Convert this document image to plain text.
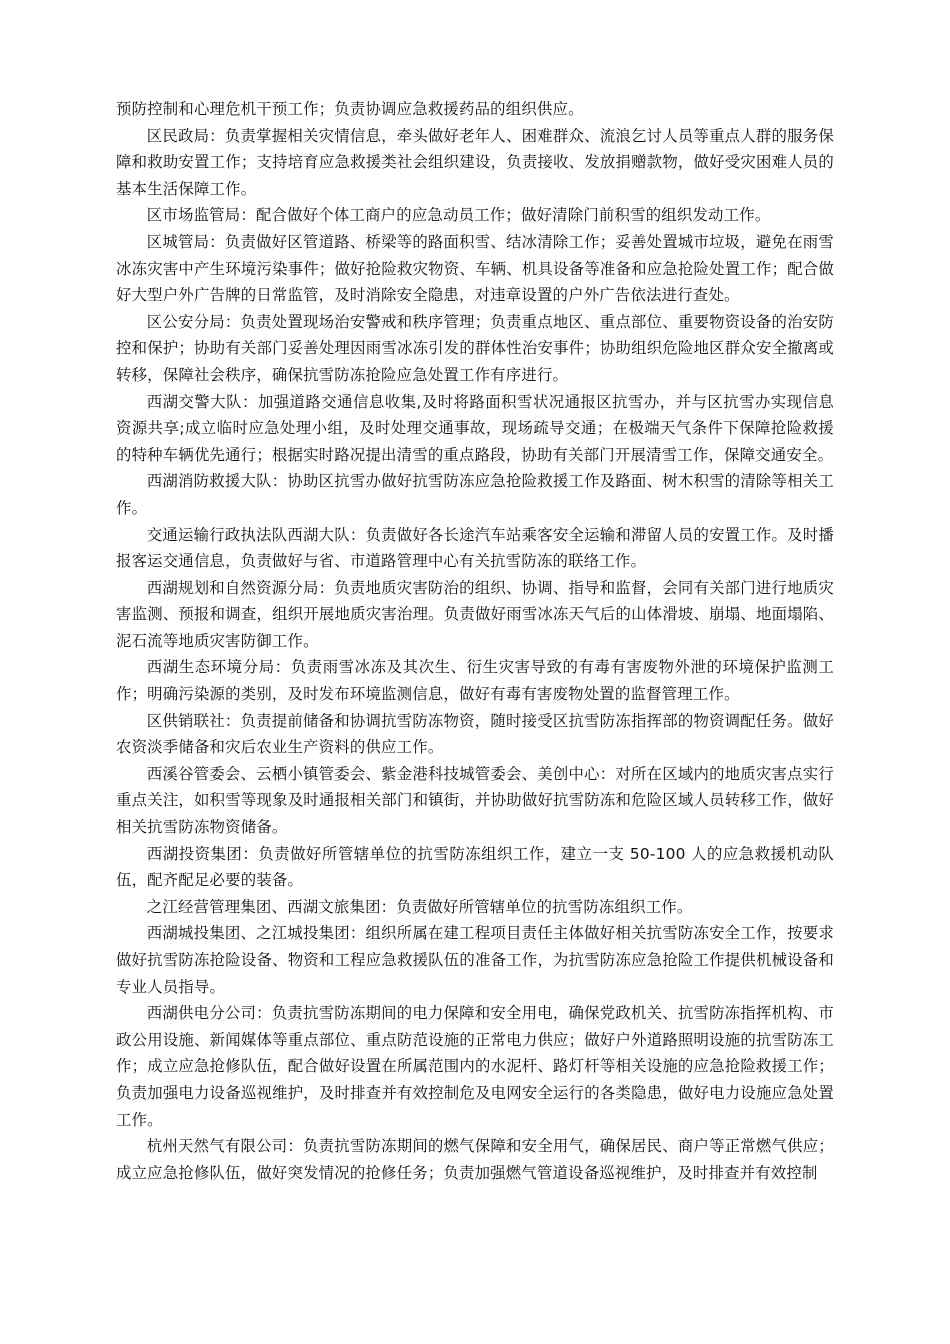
预防控制和心理危机干预工作；负责协调应急救援药品的组织供应。

区民政局：负责掌握相关灾情信息，牵头做好老年人、困难群众、流浪乞讨人员等重点人群的服务保障和救助安置工作；支持培育应急救援类社会组织建设，负责接收、发放捐赠款物，做好受灾困难人员的基本生活保障工作。

区市场监管局：配合做好个体工商户的应急动员工作；做好清除门前积雪的组织发动工作。

区城管局：负责做好区管道路、桥梁等的路面积雪、结冰清除工作；妥善处置城市垃圾，避免在雨雪冰冻灾害中产生环境污染事件；做好抢险救灾物资、车辆、机具设备等准备和应急抢险处置工作；配合做好大型户外广告牌的日常监管，及时消除安全隐患，对违章设置的户外广告依法进行查处。

区公安分局：负责处置现场治安警戒和秩序管理；负责重点地区、重点部位、重要物资设备的治安防控和保护；协助有关部门妥善处理因雨雪冰冻引发的群体性治安事件；协助组织危险地区群众安全撤离或转移，保障社会秩序，确保抗雪防冻抢险应急处置工作有序进行。

西湖交警大队：加强道路交通信息收集,及时将路面积雪状况通报区抗雪办，并与区抗雪办实现信息资源共享;成立临时应急处理小组，及时处理交通事故，现场疏导交通；在极端天气条件下保障抢险救援的特种车辆优先通行；根据实时路况提出清雪的重点路段，协助有关部门开展清雪工作，保障交通安全。

西湖消防救援大队：协助区抗雪办做好抗雪防冻应急抢险救援工作及路面、树木积雪的清除等相关工作。

交通运输行政执法队西湖大队：负责做好各长途汽车站乘客安全运输和滞留人员的安置工作。及时播报客运交通信息，负责做好与省、市道路管理中心有关抗雪防冻的联络工作。

西湖规划和自然资源分局：负责地质灾害防治的组织、协调、指导和监督，会同有关部门进行地质灾害监测、预报和调查，组织开展地质灾害治理。负责做好雨雪冰冻天气后的山体滑坡、崩塌、地面塌陷、泥石流等地质灾害防御工作。

西湖生态环境分局：负责雨雪冰冻及其次生、衍生灾害导致的有毒有害废物外泄的环境保护监测工作；明确污染源的类别，及时发布环境监测信息，做好有毒有害废物处置的监督管理工作。

区供销联社：负责提前储备和协调抗雪防冻物资，随时接受区抗雪防冻指挥部的物资调配任务。做好农资淡季储备和灾后农业生产资料的供应工作。

西溪谷管委会、云栖小镇管委会、紫金港科技城管委会、美创中心：对所在区域内的地质灾害点实行重点关注，如积雪等现象及时通报相关部门和镇街，并协助做好抗雪防冻和危险区域人员转移工作，做好相关抗雪防冻物资储备。

西湖投资集团：负责做好所管辖单位的抗雪防冻组织工作，建立一支 50-100 人的应急救援机动队伍，配齐配足必要的装备。

之江经营管理集团、西湖文旅集团：负责做好所管辖单位的抗雪防冻组织工作。

西湖城投集团、之江城投集团：组织所属在建工程项目责任主体做好相关抗雪防冻安全工作，按要求做好抗雪防冻抢险设备、物资和工程应急救援队伍的准备工作，为抗雪防冻应急抢险工作提供机械设备和专业人员指导。

西湖供电分公司：负责抗雪防冻期间的电力保障和安全用电，确保党政机关、抗雪防冻指挥机构、市政公用设施、新闻媒体等重点部位、重点防范设施的正常电力供应；做好户外道路照明设施的抗雪防冻工作；成立应急抢修队伍，配合做好设置在所属范围内的水泥杆、路灯杆等相关设施的应急抢险救援工作；负责加强电力设备巡视维护，及时排查并有效控制危及电网安全运行的各类隐患，做好电力设施应急处置工作。

杭州天然气有限公司：负责抗雪防冻期间的燃气保障和安全用气，确保居民、商户等正常燃气供应；成立应急抢修队伍，做好突发情况的抢修任务；负责加强燃气管道设备巡视维护，及时排查并有效控制
